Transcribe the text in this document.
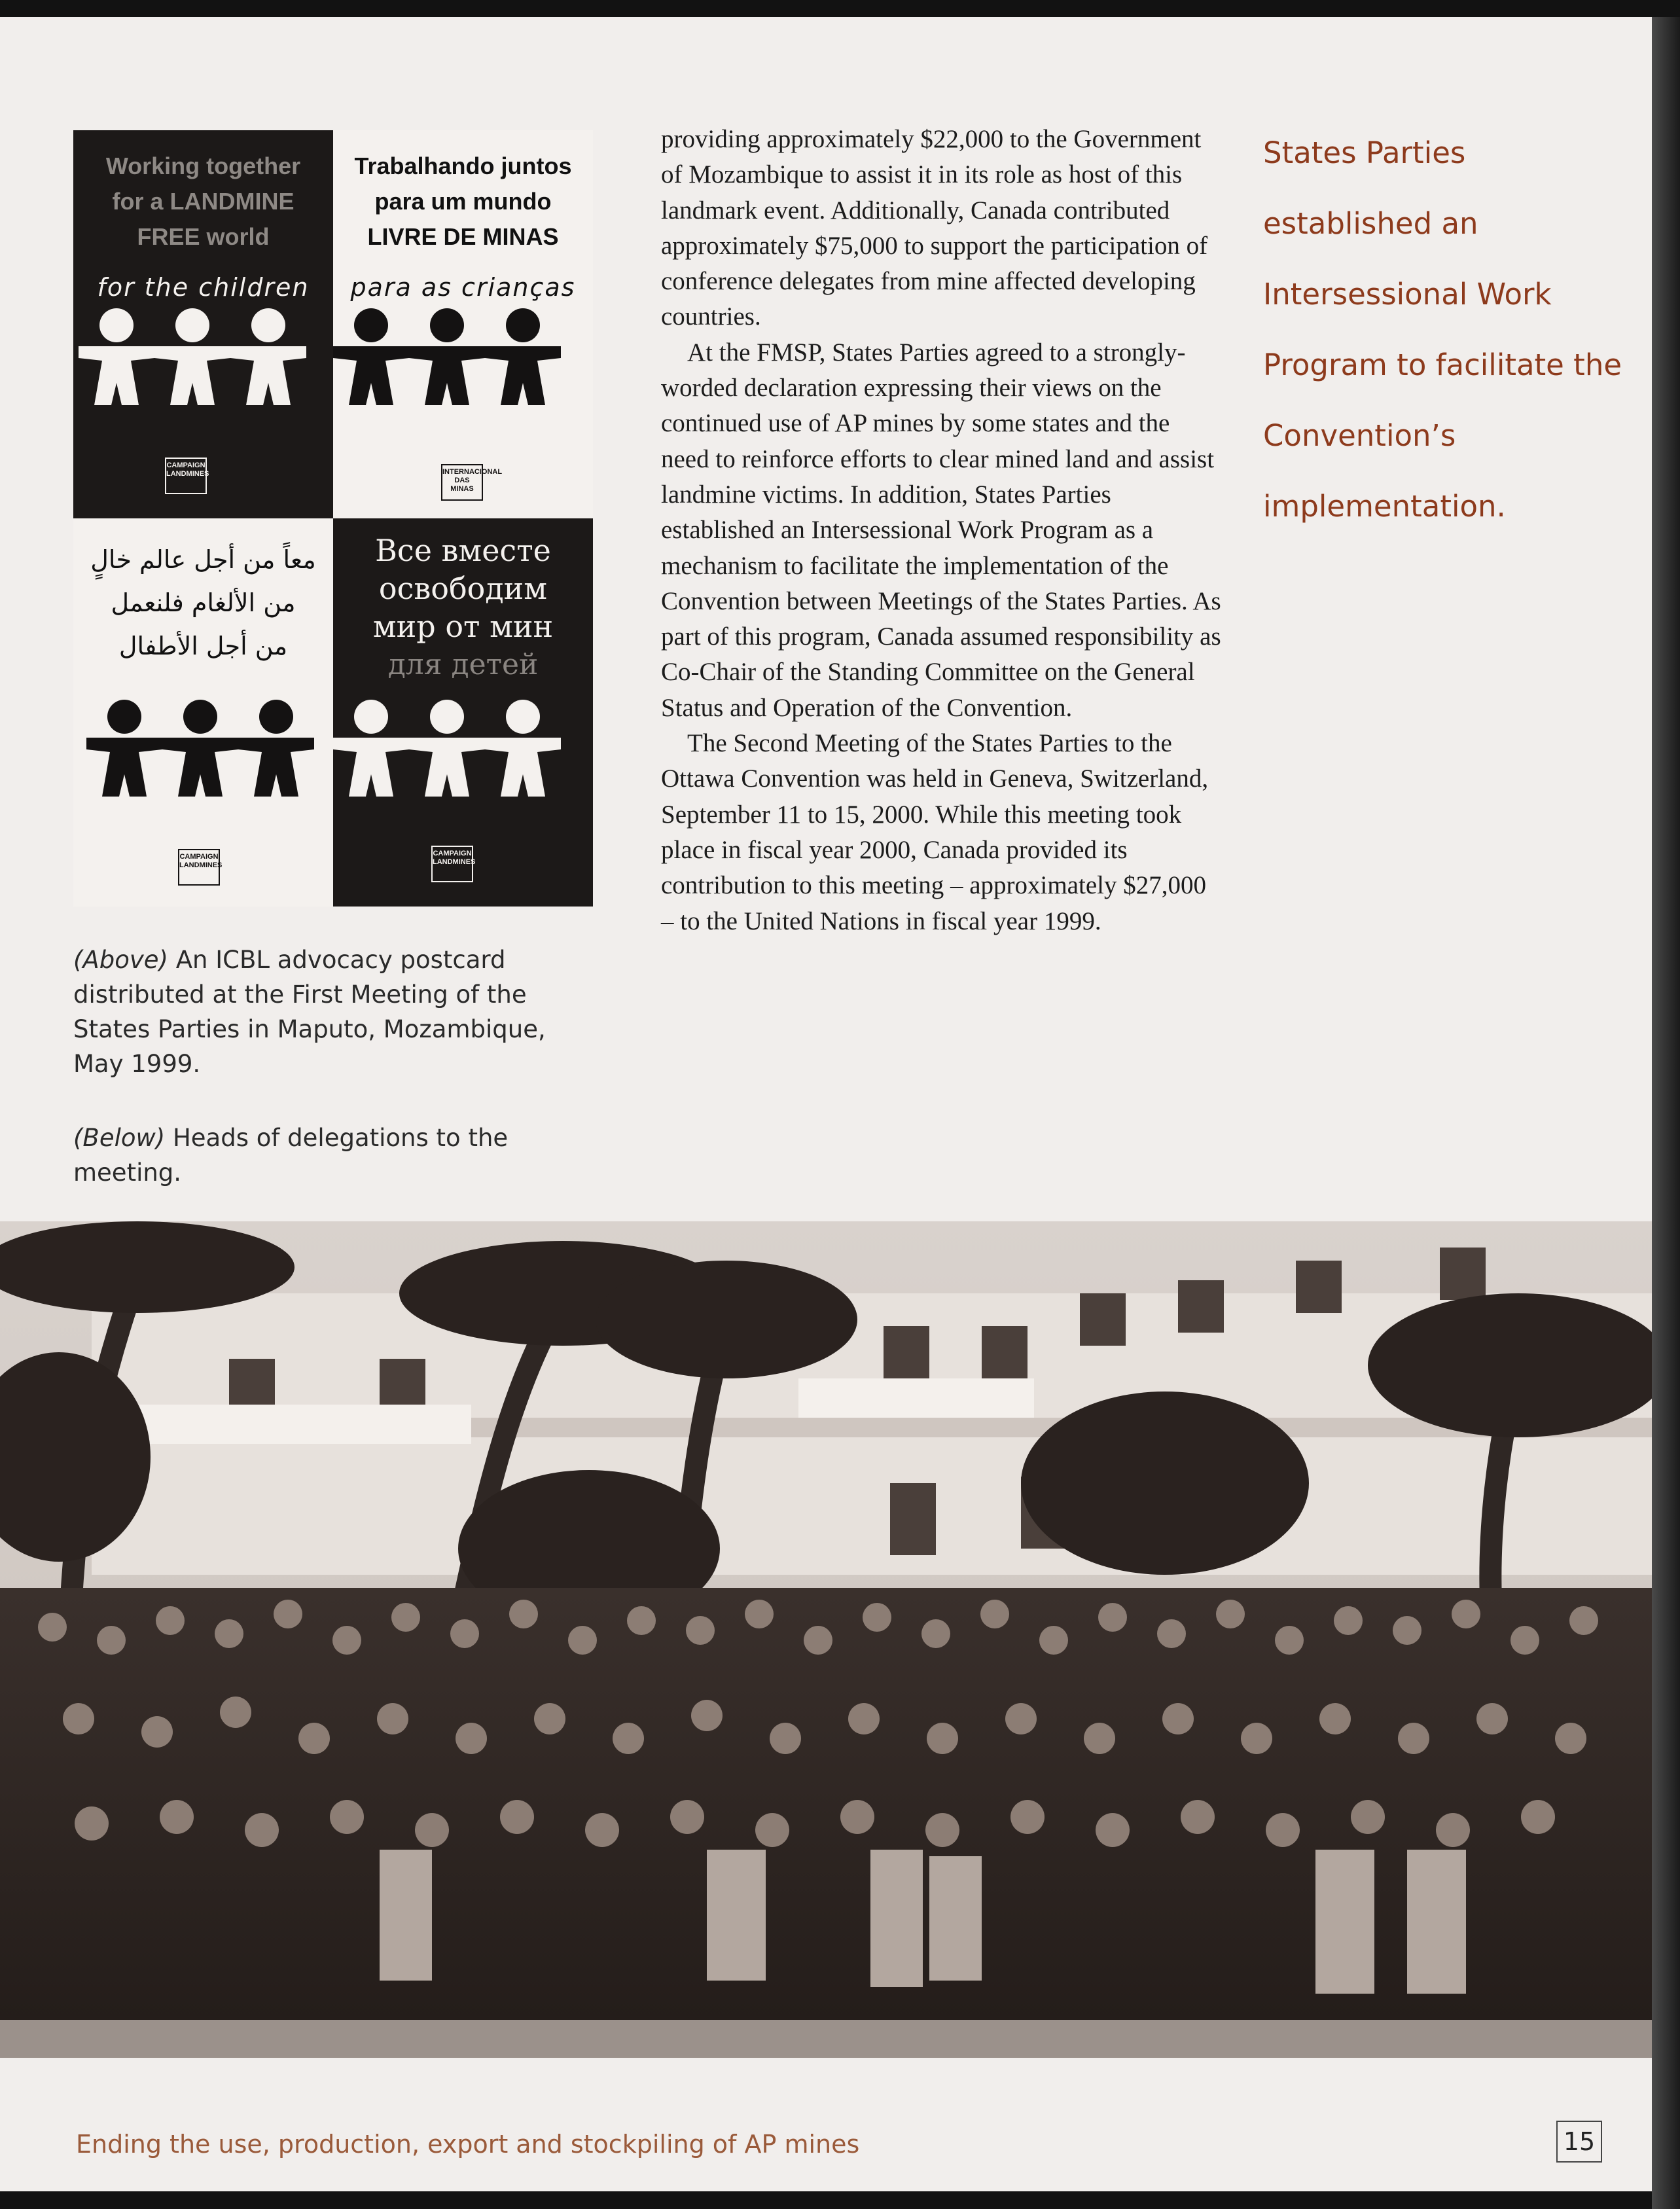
Working together
for a LANDMINE
FREE world
for the children
CAMPAIGN
LANDMINES
Trabalhando juntos
para um mundo
LIVRE DE MINAS
para as crianças
INTERNACIONAL
DAS MINAS
معاً من أجل عالم خالٍ
من الألغام فلنعمل
من أجل الأطفال
CAMPAIGN
LANDMINES
Все вместе
освободим
мир от мин
для детей
CAMPAIGN
LANDMINES
(Above) An ICBL advocacy postcard distributed at the First Meeting of the States Parties in Maputo, Mozambique, May 1999.
(Below) Heads of delegations to the meeting.

providing approximately $22,000 to the Government of Mozambique to assist it in its role as host of this landmark event. Additionally, Canada contributed approximately $75,000 to support the participation of conference delegates from mine affected developing countries.

At the FMSP, States Parties agreed to a strongly-worded declaration expressing their views on the continued use of AP mines by some states and the need to reinforce efforts to clear mined land and assist landmine victims. In addition, States Parties established an Intersessional Work Program as a mechanism to facilitate the implementation of the Convention between Meetings of the States Parties. As part of this program, Canada assumed responsibility as Co-Chair of the Standing Committee on the General Status and Operation of the Convention.

The Second Meeting of the States Parties to the Ottawa Convention was held in Geneva, Switzerland, September 11 to 15, 2000. While this meeting took place in fiscal year 2000, Canada provided its contribution to this meeting – approximately $27,000 – to the United Nations in fiscal year 1999.

States Parties established an Intersessional Work Program to facilitate the Convention’s implementation.
Ending the use, production, export and stockpiling of AP mines	15
